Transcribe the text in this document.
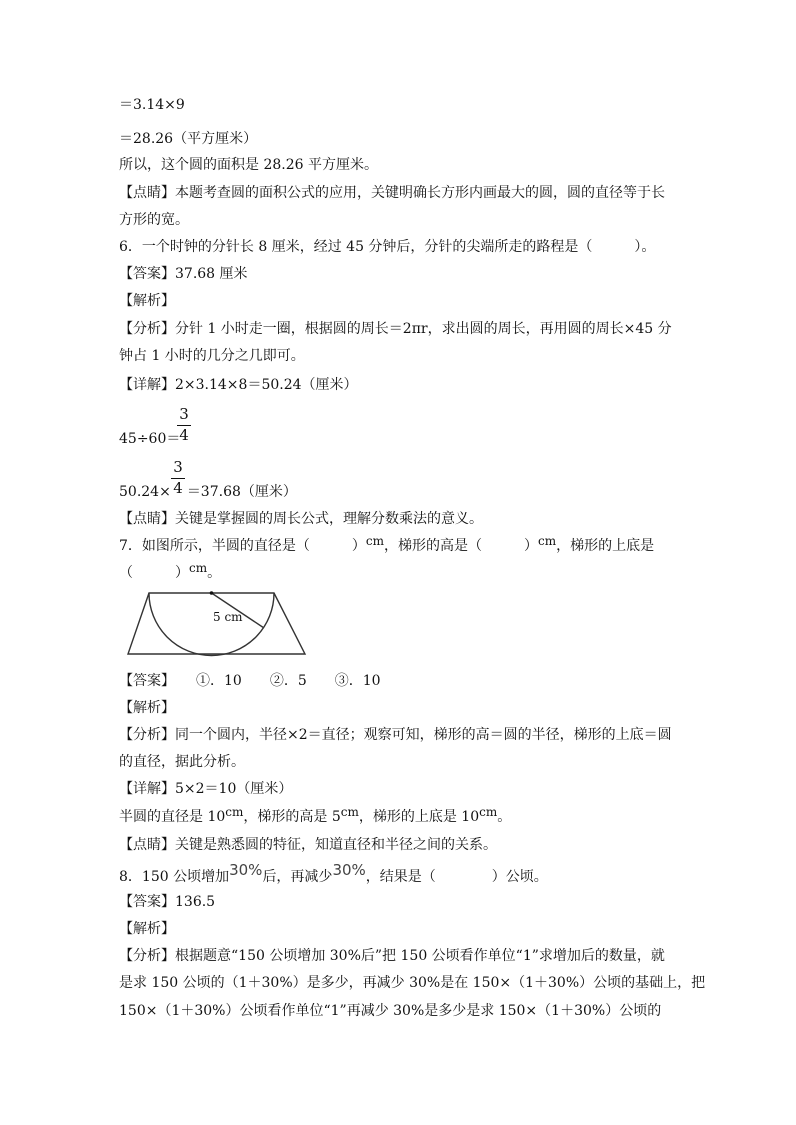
＝3.14×9
＝28.26（平方厘米）
所以，这个圆的面积是 28.26 平方厘米。
【点睛】本题考查圆的面积公式的应用，关键明确长方形内画最大的圆，圆的直径等于长
方形的宽。
6．一个时钟的分针长 8 厘米，经过 45 分钟后，分针的尖端所走的路程是（　　　）。
【答案】37.68 厘米
【解析】
【分析】分针 1 小时走一圈，根据圆的周长＝2πr，求出圆的周长，再用圆的周长×45 分
钟占 1 小时的几分之几即可。
【详解】2×3.14×8＝50.24（厘米）
45÷60＝
3
4
50.24× ＝37.68（厘米）
3
4
【点睛】关键是掌握圆的周长公式，理解分数乘法的意义。
7．如图所示，半圆的直径是（　　　）cm，梯形的高是（　　　）cm，梯形的上底是
（　　　）cm。
5 cm
【答案】　　①．10　　②．5　　③．10
【解析】
【分析】同一个圆内，半径×2＝直径；观察可知，梯形的高＝圆的半径，梯形的上底＝圆
的直径，据此分析。
【详解】5×2＝10（厘米）
半圆的直径是 10cm，梯形的高是 5cm，梯形的上底是 10cm。
【点睛】关键是熟悉圆的特征，知道直径和半径之间的关系。
8．150 公顷增加30%后，再减少30%，结果是（　　　　）公顷。
【答案】136.5
【解析】
【分析】根据题意“150 公顷增加 30%后”把 150 公顷看作单位“1”求增加后的数量，就
是求 150 公顷的（1＋30%）是多少，再减少 30%是在 150×（1＋30%）公顷的基础上，把
150×（1＋30%）公顷看作单位“1”再减少 30%是多少是求 150×（1＋30%）公顷的
